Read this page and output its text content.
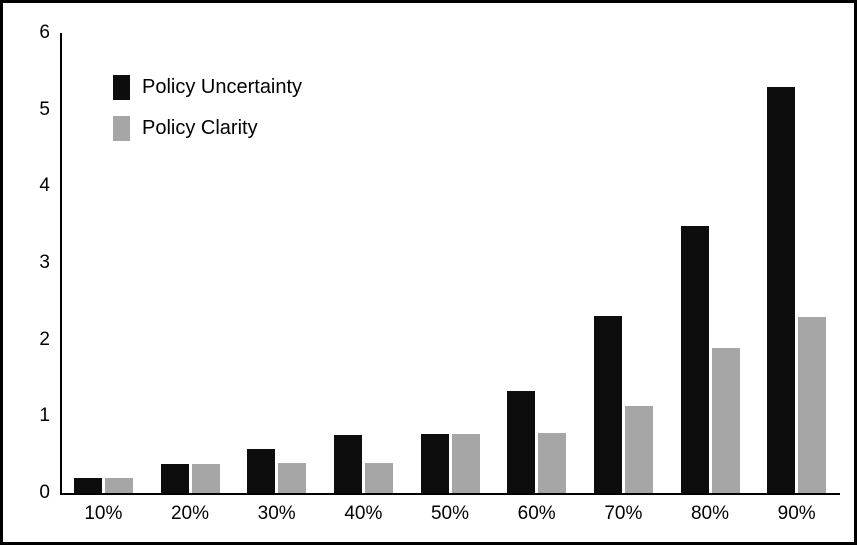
0
1
2
3
4
5
6
10%	20%	30%	40%	50%	60%	70%	80%	90%
Policy Uncertainty
Policy Clarity
